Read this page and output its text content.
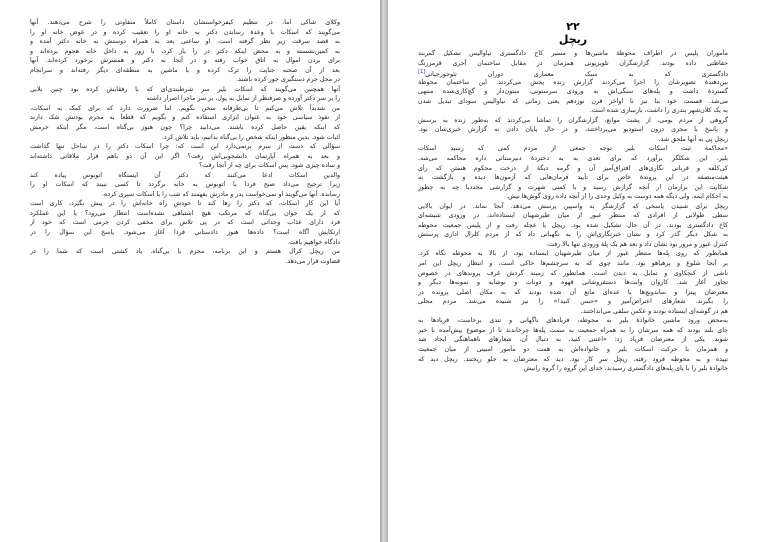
وکلای شاکی اما، در تنظیم کیفرخواستشان داستان کاملاً متفاوتی را شرح می‌دهند. آنها
می‌گویند که اسکات با وعدهٔ رساندن دکتر به خانه او را تعقیب کرده و در عوض خانه او را
به قصد سرقت زیر نظر گرفته است. او ساعتی بعد به همراه دوستش به خانه دکتر آمده و
به کمین‌نشسته و به محض اینکه دکتر در را باز کرد، با زور به داخل خانه هجوم برده‌اند و
برای بردن اموال به اتاق خواب رفته و در آنجا به دکتر و همسرش برخورد کرده‌اند. آنها
بعد از آن صحنه جنایت را ترک کرده و با ماشین به منطقه‌ای دیگر رفته‌اند و سرانجام
در محل جرم دستگیری جور کرده باشند.
آنها همچنین می‌گویند که اسکات بلیر سر شرطبندی‌ای که با رفقایش کرده بود چنین بلایی
را بر سر دکتر آورده و صرفنظر از تمایل به پول، بر سر ماجرا اصرار داشته
من شدیداً تلاش می‌کنم تا بی‌طرفانه سخن بگویم. اما ضرورت دارد که برای کمک به اسکات،
از نفوذ سیاسی خود به عنوان ابزاری استفاده کنم و بگویم که قطعاً به مجرم بودنش شک دارند
که اینکه یقین حاصل کرده باشند. می‌دانید چرا؟ چون هنوز بی‌گناه است، مگر اینکه جرمش
اثبات شود. بدین منظور اینکه شخص را بی‌گناه بدانیم، باید تلاش کرد.
سؤالی که دست از سرم برنمی‌دارد این است که: چرا اسکات دکتر را در ساحل تنها گذاشت
و بعد به همراه آپارتمان دانشجویی‌اش رفت؟ اگر این آن دو باهم قرار ملاقاتی داشته‌اند
و ساده چیزی شود. پس اسکات برای چه از آنجا رفت؟
والدین اسکات ادعا می‌کنند که دکتر آن ایستگاه اتوبوس پیاده کند
زیرا ترجیح می‌داد صبح فردا با اتوبوس به خانه برگردد تا کسی نبیند که اسکات او را
رسانده. آنها می‌گویند او نمی‌خواست پدر و مادرش بفهمند که شب را با اسکات سپری کرده.
آیا این کار اسکات، که دکتر را رها کند تا خودش راه خانه‌اش را در پیش بگیرد، کاری است
که از یک جوان بی‌گناه که مرتکب هیچ اشتباهی نشده‌است انتظار می‌رود؟ یا این عملکرد
فرد دارای عذاب وجدانی است که در پی تلاش برای مخفی کردن جرمی است که خود از
ارتکابش آگاه است؟ داده‌ها هنوز دادستانی فردا آغاز می‌شود. پاسخ این سؤال را در
دادگاه خواهیم یافت.
من ریچل کرال هستم و این برنامه، مجرم یا بی‌گناه. یاد کشتی است که شما را در
قضاوت قرار می‌دهد.

۲۲

ریچل

مأموران پلیس در اطراف محوطهٔ ماشین‌ها و مسیر کاخ دادگستری نیاوالیس تشکیل گمربند
حفاظتی داده بودند. گزارشگران تلویزیونی همزمان در مقابل ساختمان آجری قرمزرنگ
دادگستری که به سبک معماری دوران تئوجورجیانی[1]
بین‌دهندهٔ تصویرشان را اجرا می‌کردند گزارش زنده پخش می‌کردند. این ساختمان محوطهٔ
گستردهٔ داشت و پله‌های سنگی‌اش به ورودی سرستونی، ستون‌دار و گچ‌کاری‌شده منتهی
می‌شد. قسمت خود بنا نیز تا اواخر قرن نوزدهم یعنی زمانی که نیاوالیس سودای تبدیل شدن
به یک کلان‌شهر بندری را داشت، بازسازی شده است.
گروهی از مردم بومی، از پشت موانع، گزارشگران را تماشا می‌کردند که به‌طور زنده به برسش
و پاسخ با مجری درون استودیو می‌پرداختند، و در حال پایان دادن به گزارش خبری‌شان بود.
ریچل پی به آنها ملحق شد.
«محاکمهٔ ثبت اسکات بلیر توجه جمعی از مردم کمی که رسید اسکات
بلیر، این شکلگر برآورد که برای تعدی به به دختردهٔ دبیرستانی داره محاکمه می‌شه.
کی‌کلفه و قربانی نگاری‌های افتراق‌آمیز آن و گرمه دیگهٔ از درخت محکوم هستن که رأی
هیئت‌منصفه در این پروندهٔ خاص برای تأیید فرمان‌هایی که آزمون‌ها دیده و بازگشت به
شکایت این بزارمان ار آنچه گزارش رسید و با کسی شهرت و گزارشی مجددیا چه به چطورِ
به احکام ایمه. ولی دیگه همه دوست به وکیل وحدی را از آنچه داده روی گوش‌ها نیش.
ریچل برای شنیدن پاسخی که گزارشگر به واسپین پرسش می‌دهد. آنجا نماند. در ایوان بالایی
سطی طولانی از افرادی که منتظر عبور از میان طیرشهبان ایستاده‌اند، در ورودی شیشه‌ای
کاخ دادگستری بودند. در آن حال تشکیل شده بود. ریچل با عجله رفت و از پلیس جمعیت محوطه
به شکل دیگر گذر کرد و نشان خبرنگاری‌اش را به نگهبانی داد که از مردم کلرال اداری پرستش
کنترل عبور و مرور بود نشان داد و بعد هم یک پلهٔ ورودی تنها بالا رفت.
همانطور که روی پله‌ها منتظر عبور از میان طیرشهبان ایستاده بود، از بالا به محوطه نگاه کرد.
بر آنجا شلوغ و پرهیاهو بود. مانند چوی که به سرچشم‌ها حاکی است، و انتظار ریچل این امر
ناشی از کنجکاوی و تمایل به دیدن است. همانطور که زمینه گردش غرف پروندهای در خصوص
تجاوز آغاز شد. کاروان وانت‌ها دستفروشانی قهوه و دونات و نوشابه و نمونه‌ها دیگر و
معترضان پیتزا و ساندویچ‌ها با عده‌ای مانع آن شده بودند که به مکان اصلی پرونده در
را بگیرند. شعارهای اعتراض‌آمیز و «حبس کنید!» را نیز شنیده می‌شد. مردم محلی
هم در گوشه‌ای ایستاده بودند و عکس سلفی می‌انداختند.
به‌محض ورود ماشین خانوادهٔ بلیر به محوطه، فریادهای ناگهانی و تندی برخاست، فریادها به
جای بلند بودند که همه سرشان را به همراه جمعیت به سمت پله‌ها چرخاندند تا از موضوع پیش‌آمده با خبر
شوند. یکی از معترضان فریاد زد: «اعتنی کنید، به دنبال آن، شعارهای ناهماهنگی ایجاد شد
و همزمان با حرکت اسکات بلیر و خانواده‌اش به همت دو مأمور امنیتی از میان جمعیت
تپیده و به محوطه فرود رفته. ریچل سرِ کار بود. دید که معترضان به جلو ریختند. ریچل دید که
خانوادهٔ بلیر را با پای پله‌های دادگستری رسیدند، خدای این گروه را گروه رانیش
